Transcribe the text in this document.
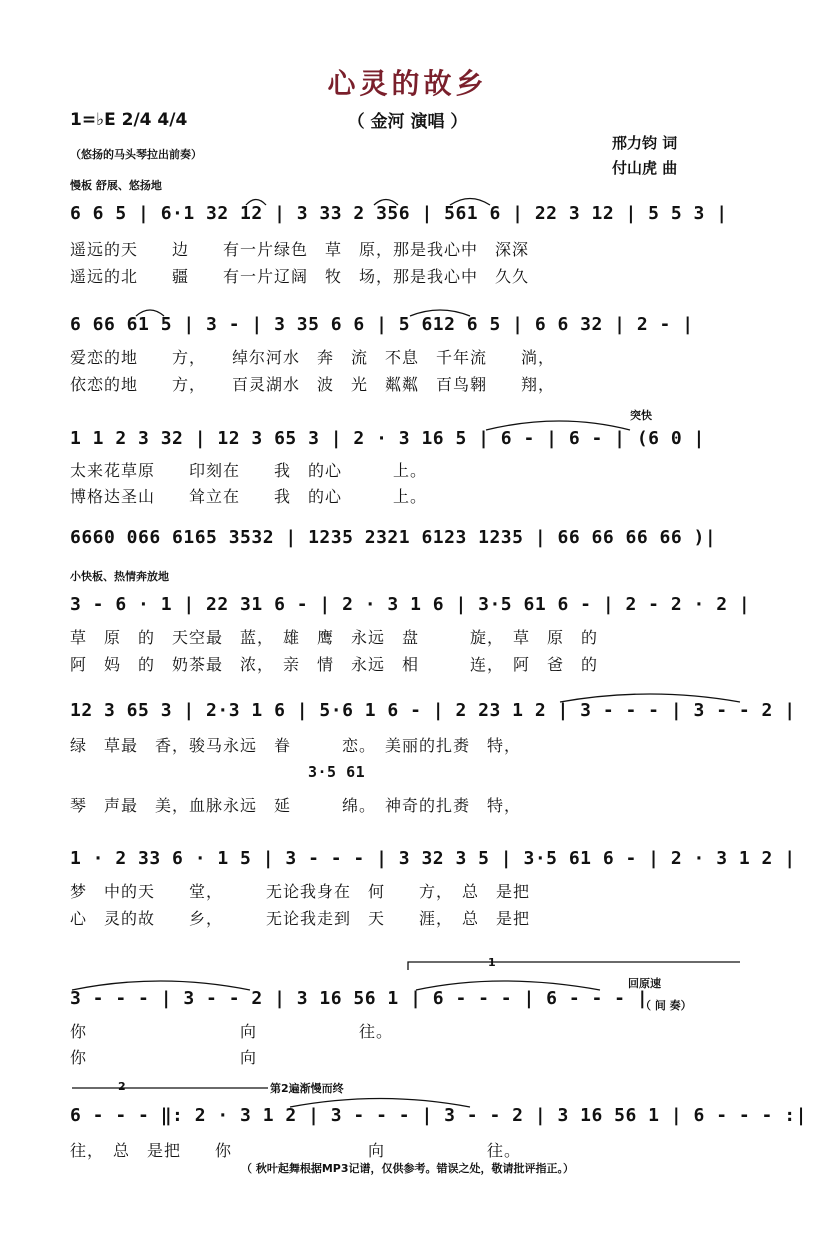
心灵的故乡
（ 金河 演唱 ）
1=♭E 2/4 4/4
邢力钧 词
付山虎 曲
（悠扬的马头琴拉出前奏）
慢板 舒展、悠扬地
小快板、热情奔放地
突快
回原速
（ 间 奏）
1
2	第2遍渐慢而终
6 6 5 | 6·1 32 12 | 3 33 2 356 | 561 6 | 22 3 12 | 5 5 3 |
遥远的天　　边　　有一片绿色　草　原，那是我心中　深深
遥远的北　　疆　　有一片辽阔　牧　场，那是我心中　久久
6 66 61 5 | 3 - | 3 35 6 6 | 5 612 6 5 | 6 6 32 | 2 - |
爱恋的地　　方，　　绰尔河水　奔　流　不息　千年流　　淌，
依恋的地　　方，　　百灵湖水　波　光　粼粼　百鸟翱　　翔，
1 1 2 3 32 | 12 3 65 3 | 2 · 3 16 5 | 6 - | 6 - | (6 0 |
太来花草原　　印刻在　　我　的心　　　上。
博格达圣山　　耸立在　　我　的心　　　上。
6660 066 6165 3532 | 1235 2321 6123 1235 | 66 66 66 66 )|
3 - 6 · 1 | 22 31 6 - | 2 · 3 1 6 | 3·5 61 6 - | 2 - 2 · 2 |
草　原　的　天空最　蓝，　雄　鹰　永远　盘　　　旋，　草　原　的
阿　妈　的　奶茶最　浓，　亲　情　永远　相　　　连，　阿　爸　的
12 3 65 3 | 2·3 1 6 | 5·6 1 6 - | 2 23 1 2 | 3 - - - | 3 - - 2 |
绿　草最　香，骏马永远　眷　　　恋。　美丽的扎赉　特，
3·5 61
琴　声最　美，血脉永远　延　　　绵。　神奇的扎赉　特，
1 · 2 33 6 · 1 5 | 3 - - - | 3 32 3 5 | 3·5 61 6 - | 2 · 3 1 2 |
梦　中的天　　堂，　　　无论我身在　何　　方，　总　是把
心　灵的故　　乡，　　　无论我走到　天　　涯，　总　是把
3 - - - | 3 - - 2 | 3 16 56 1 | 6 - - - | 6 - - - |
你　　　　　　　　　向　　　　　　往。
你　　　　　　　　　向
6 - - - ‖: 2 · 3 1 2 | 3 - - - | 3 - - 2 | 3 16 56 1 | 6 - - - :|
往，　总　是把　　你　　　　　　　　向　　　　　　往。
（ 秋叶起舞根据MP3记谱，仅供参考。错误之处，敬请批评指正。）
